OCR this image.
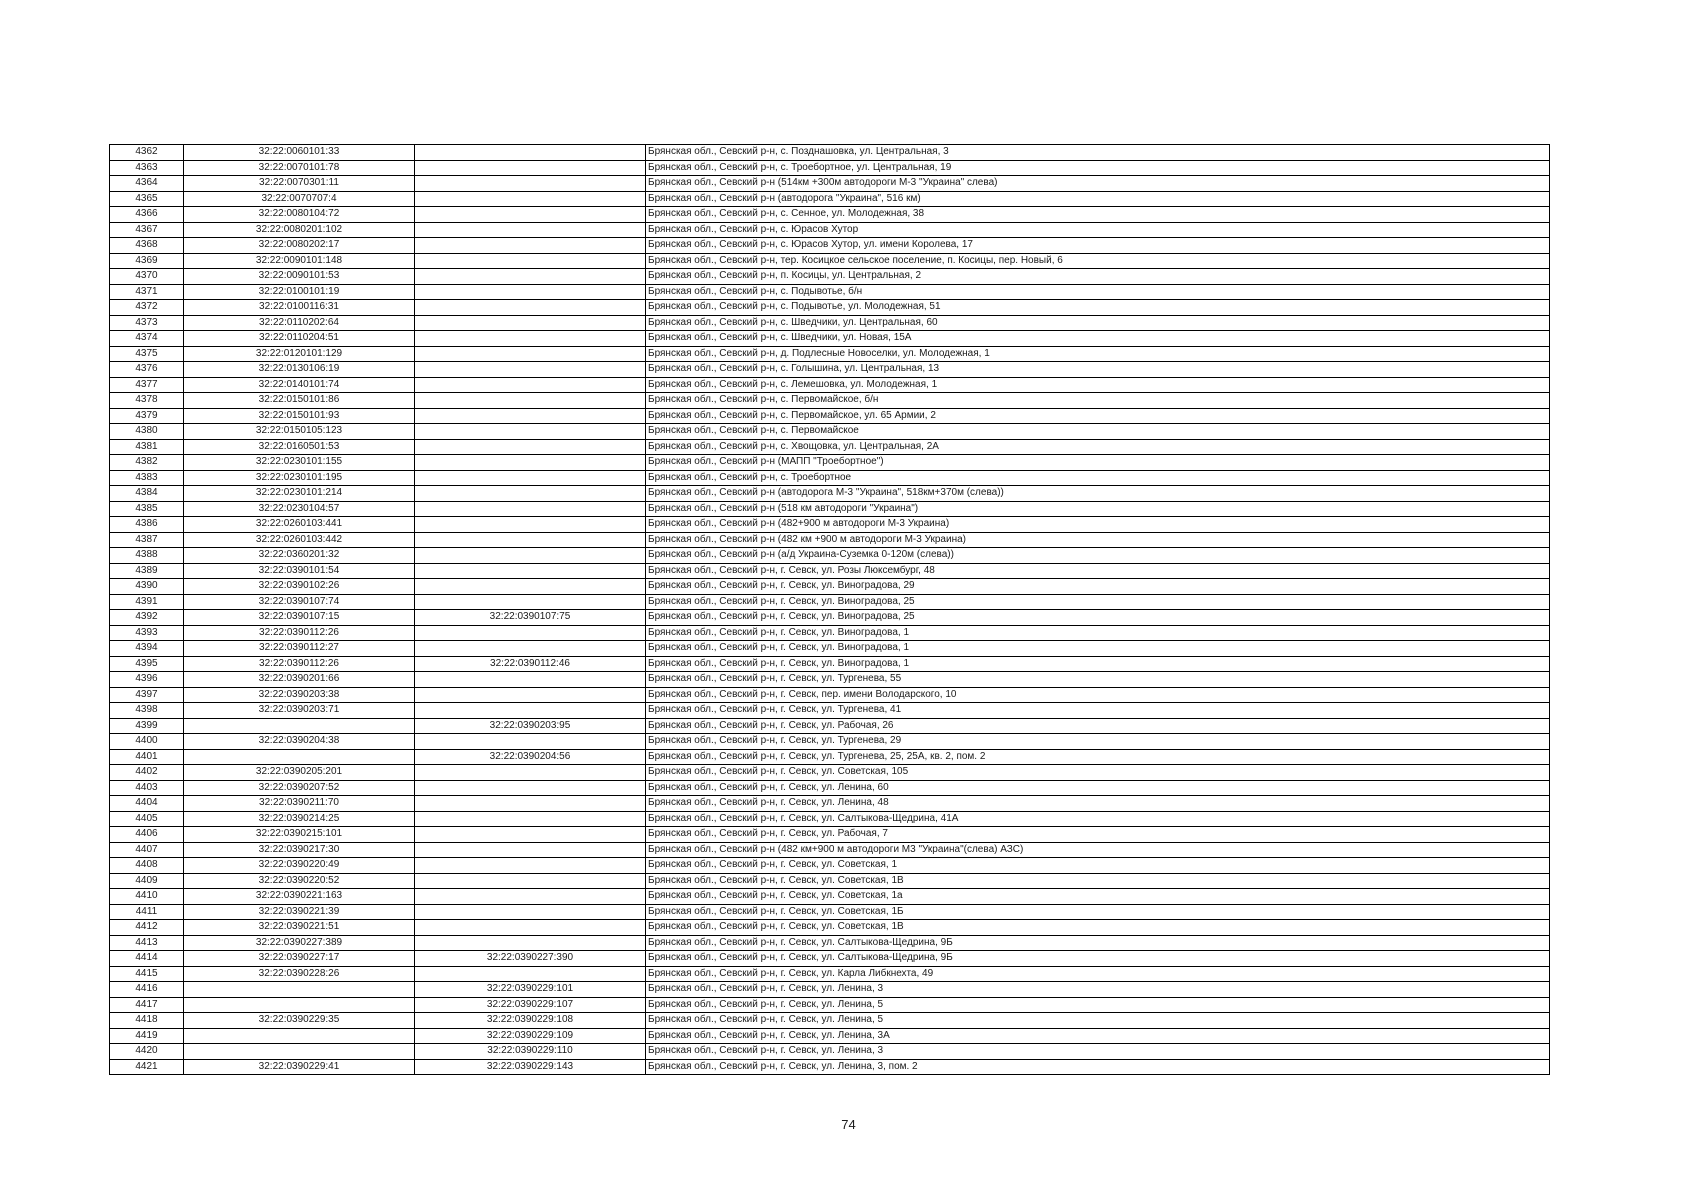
4362	32:22:0060101:33		Брянская обл., Севский р-н, с. Позднашовка, ул. Центральная, 3
4363	32:22:0070101:78		Брянская обл., Севский р-н, с. Троебортное, ул. Центральная, 19
4364	32:22:0070301:11		Брянская обл., Севский р-н (514км +300м автодороги М-3 "Украина" слева)
4365	32:22:0070707:4		Брянская обл., Севский р-н (автодорога "Украина", 516 км)
4366	32:22:0080104:72		Брянская обл., Севский р-н, с. Сенное, ул. Молодежная, 38
4367	32:22:0080201:102		Брянская обл., Севский р-н, с. Юрасов Хутор
4368	32:22:0080202:17		Брянская обл., Севский р-н, с. Юрасов Хутор, ул. имени Королева, 17
4369	32:22:0090101:148		Брянская обл., Севский р-н, тер. Косицкое сельское поселение, п. Косицы, пер. Новый, 6
4370	32:22:0090101:53		Брянская обл., Севский р-н, п. Косицы, ул. Центральная, 2
4371	32:22:0100101:19		Брянская обл., Севский р-н, с. Подывотье, б/н
4372	32:22:0100116:31		Брянская обл., Севский р-н, с. Подывотье, ул. Молодежная, 51
4373	32:22:0110202:64		Брянская обл., Севский р-н, с. Шведчики, ул. Центральная, 60
4374	32:22:0110204:51		Брянская обл., Севский р-н, с. Шведчики, ул. Новая, 15А
4375	32:22:0120101:129		Брянская обл., Севский р-н, д. Подлесные Новоселки, ул. Молодежная, 1
4376	32:22:0130106:19		Брянская обл., Севский р-н, с. Голышина, ул. Центральная, 13
4377	32:22:0140101:74		Брянская обл., Севский р-н, с. Лемешовка, ул. Молодежная, 1
4378	32:22:0150101:86		Брянская обл., Севский р-н, с. Первомайское, б/н
4379	32:22:0150101:93		Брянская обл., Севский р-н, с. Первомайское, ул. 65 Армии, 2
4380	32:22:0150105:123		Брянская обл., Севский р-н, с. Первомайское
4381	32:22:0160501:53		Брянская обл., Севский р-н, с. Хвощовка, ул. Центральная, 2А
4382	32:22:0230101:155		Брянская обл., Севский р-н (МАПП "Троебортное")
4383	32:22:0230101:195		Брянская обл., Севский р-н, с. Троебортное
4384	32:22:0230101:214		Брянская обл., Севский р-н (автодорога М-3 "Украина", 518км+370м (слева))
4385	32:22:0230104:57		Брянская обл., Севский р-н (518 км автодороги "Украина")
4386	32:22:0260103:441		Брянская обл., Севский р-н (482+900 м автодороги М-3 Украина)
4387	32:22:0260103:442		Брянская обл., Севский р-н (482 км +900 м автодороги М-3 Украина)
4388	32:22:0360201:32		Брянская обл., Севский р-н (а/д Украина-Суземка 0-120м (слева))
4389	32:22:0390101:54		Брянская обл., Севский р-н, г. Севск, ул. Розы Люксембург, 48
4390	32:22:0390102:26		Брянская обл., Севский р-н, г. Севск, ул. Виноградова, 29
4391	32:22:0390107:74		Брянская обл., Севский р-н, г. Севск, ул. Виноградова, 25
4392	32:22:0390107:15	32:22:0390107:75	Брянская обл., Севский р-н, г. Севск, ул. Виноградова, 25
4393	32:22:0390112:26		Брянская обл., Севский р-н, г. Севск, ул. Виноградова, 1
4394	32:22:0390112:27		Брянская обл., Севский р-н, г. Севск, ул. Виноградова, 1
4395	32:22:0390112:26	32:22:0390112:46	Брянская обл., Севский р-н, г. Севск, ул. Виноградова, 1
4396	32:22:0390201:66		Брянская обл., Севский р-н, г. Севск, ул. Тургенева, 55
4397	32:22:0390203:38		Брянская обл., Севский р-н, г. Севск, пер. имени Володарского, 10
4398	32:22:0390203:71		Брянская обл., Севский р-н, г. Севск, ул. Тургенева, 41
4399		32:22:0390203:95	Брянская обл., Севский р-н, г. Севск, ул. Рабочая, 26
4400	32:22:0390204:38		Брянская обл., Севский р-н, г. Севск, ул. Тургенева, 29
4401		32:22:0390204:56	Брянская обл., Севский р-н, г. Севск, ул. Тургенева, 25, 25А, кв. 2, пом. 2
4402	32:22:0390205:201		Брянская обл., Севский р-н, г. Севск, ул. Советская, 105
4403	32:22:0390207:52		Брянская обл., Севский р-н, г. Севск, ул. Ленина, 60
4404	32:22:0390211:70		Брянская обл., Севский р-н, г. Севск, ул. Ленина, 48
4405	32:22:0390214:25		Брянская обл., Севский р-н, г. Севск, ул. Салтыкова-Щедрина, 41А
4406	32:22:0390215:101		Брянская обл., Севский р-н, г. Севск, ул. Рабочая, 7
4407	32:22:0390217:30		Брянская обл., Севский р-н (482 км+900 м автодороги М3 "Украина"(слева) АЗС)
4408	32:22:0390220:49		Брянская обл., Севский р-н, г. Севск, ул. Советская, 1
4409	32:22:0390220:52		Брянская обл., Севский р-н, г. Севск, ул. Советская, 1В
4410	32:22:0390221:163		Брянская обл., Севский р-н, г. Севск, ул. Советская, 1а
4411	32:22:0390221:39		Брянская обл., Севский р-н, г. Севск, ул. Советская, 1Б
4412	32:22:0390221:51		Брянская обл., Севский р-н, г. Севск, ул. Советская, 1В
4413	32:22:0390227:389		Брянская обл., Севский р-н, г. Севск, ул. Салтыкова-Щедрина, 9Б
4414	32:22:0390227:17	32:22:0390227:390	Брянская обл., Севский р-н, г. Севск, ул. Салтыкова-Щедрина, 9Б
4415	32:22:0390228:26		Брянская обл., Севский р-н, г. Севск, ул. Карла Либкнехта, 49
4416		32:22:0390229:101	Брянская обл., Севский р-н, г. Севск, ул. Ленина, 3
4417		32:22:0390229:107	Брянская обл., Севский р-н, г. Севск, ул. Ленина, 5
4418	32:22:0390229:35	32:22:0390229:108	Брянская обл., Севский р-н, г. Севск, ул. Ленина, 5
4419		32:22:0390229:109	Брянская обл., Севский р-н, г. Севск, ул. Ленина, 3А
4420		32:22:0390229:110	Брянская обл., Севский р-н, г. Севск, ул. Ленина, 3
4421	32:22:0390229:41	32:22:0390229:143	Брянская обл., Севский р-н, г. Севск, ул. Ленина, 3, пом. 2
74
